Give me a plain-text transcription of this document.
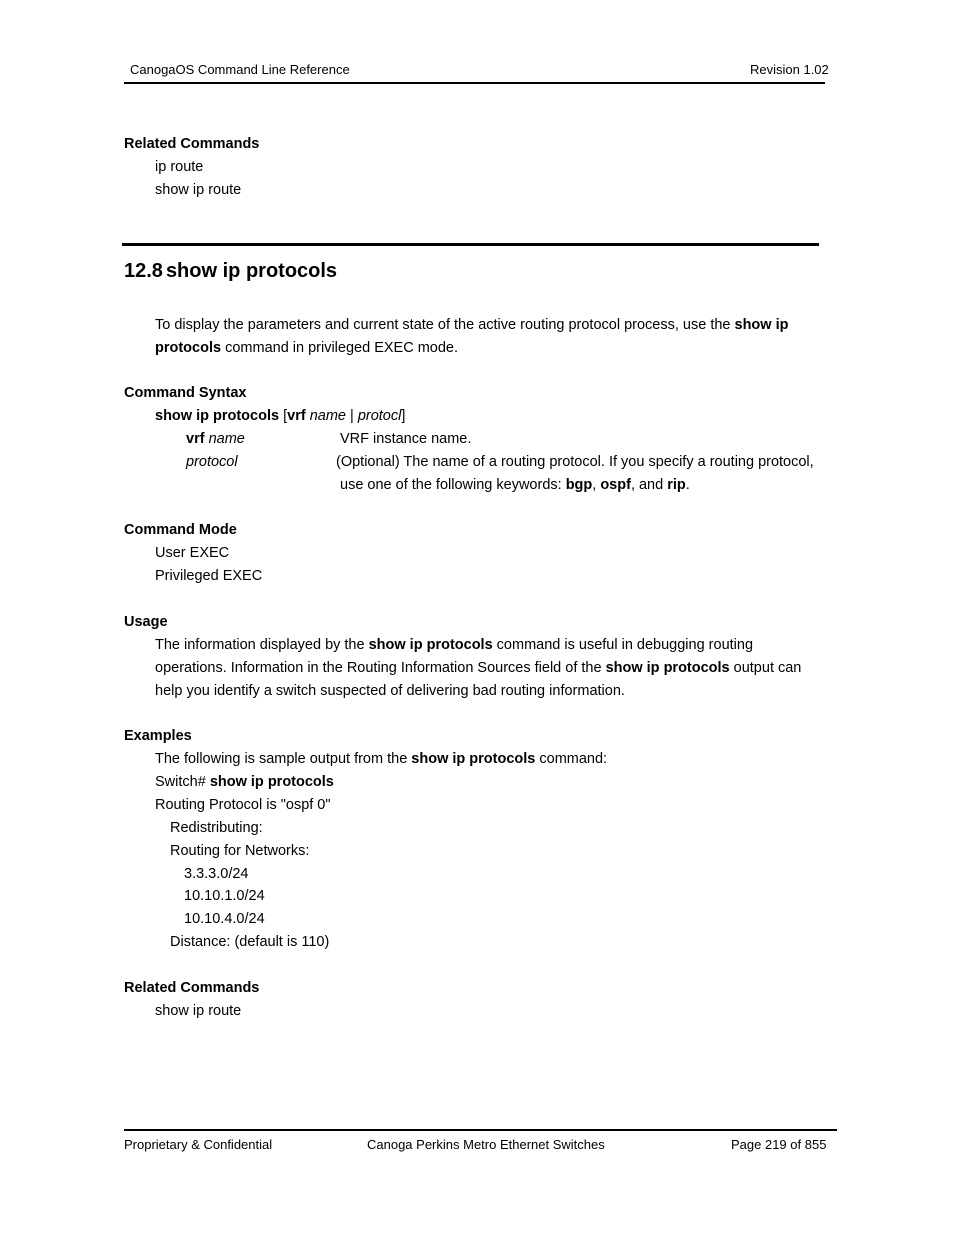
CanogaOS Command Line Reference	Revision 1.02
Related Commands
ip route
show ip route
12.8 show ip protocols
To display the parameters and current state of the active routing protocol process, use the show ip
protocols command in privileged EXEC mode.
Command Syntax
show ip protocols [vrf name | protocl]
vrf name	VRF instance name.
protocol	(Optional) The name of a routing protocol. If you specify a routing protocol,
use one of the following keywords: bgp, ospf, and rip.
Command Mode
User EXEC
Privileged EXEC
Usage
The information displayed by the show ip protocols command is useful in debugging routing
operations. Information in the Routing Information Sources field of the show ip protocols output can
help you identify a switch suspected of delivering bad routing information.
Examples
The following is sample output from the show ip protocols command:
Switch# show ip protocols
Routing Protocol is "ospf 0"
Redistributing:
Routing for Networks:
3.3.3.0/24
10.10.1.0/24
10.10.4.0/24
Distance: (default is 110)
Related Commands
show ip route
Proprietary & Confidential	Canoga Perkins Metro Ethernet Switches	Page 219 of 855
